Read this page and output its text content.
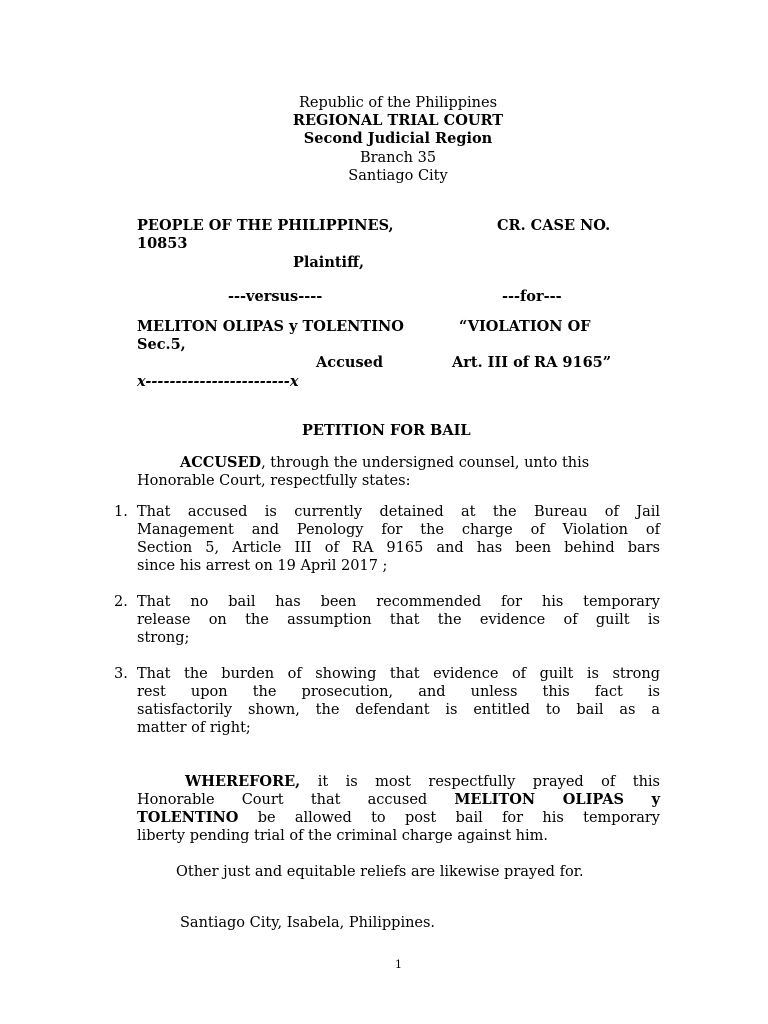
Republic of the Philippines
REGIONAL TRIAL COURT
Second Judicial Region
Branch 35
Santiago City
PEOPLE OF THE PHILIPPINES,	CR. CASE NO.
10853
Plaintiff,
---versus----	---for---
MELITON OLIPAS y TOLENTINO	“VIOLATION OF
Sec.5,
Accused	Art. III of RA 9165”
x------------------------x
PETITION FOR BAIL
ACCUSED, through the undersigned counsel, unto this
Honorable Court, respectfully states:
1. That accused is currently detained at the Bureau of Jail
Management and Penology for the charge of Violation of
Section 5, Article III of RA 9165 and has been behind bars
since his arrest on 19 April 2017 ;
2. That no bail has been recommended for his temporary
release on the assumption that the evidence of guilt is
strong;
3. That the burden of showing that evidence of guilt is strong
rest upon the prosecution, and unless this fact is
satisfactorily shown, the defendant is entitled to bail as a
matter of right;
WHEREFORE, it is most respectfully prayed of this
Honorable Court that accused MELITON OLIPAS y
TOLENTINO be allowed to post bail for his temporary
liberty pending trial of the criminal charge against him.
Other just and equitable reliefs are likewise prayed for.
Santiago City, Isabela, Philippines.
1
